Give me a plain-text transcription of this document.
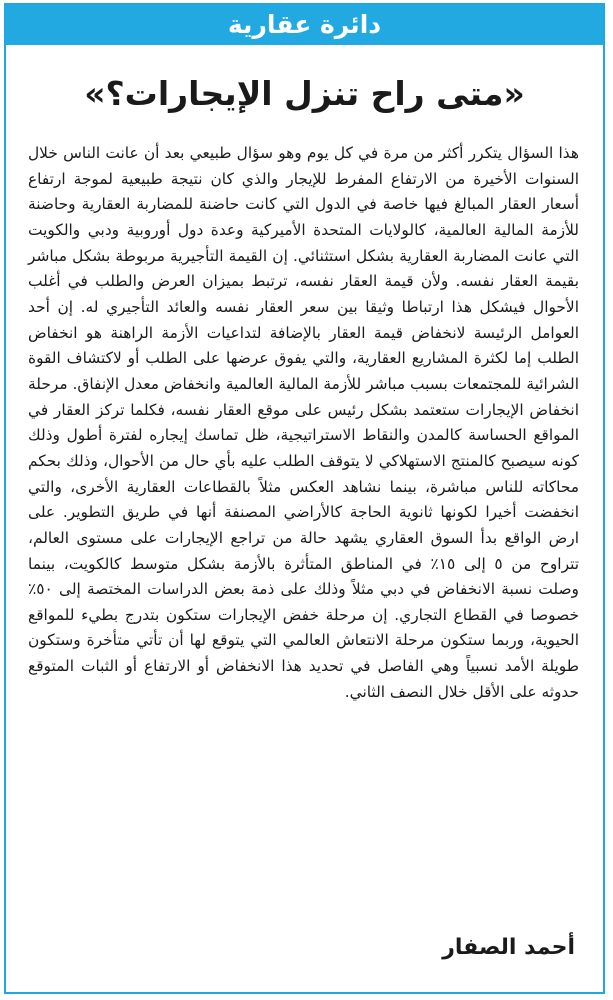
دائرة عقارية
«متى راح تنزل الإيجارات؟»

هذا السؤال يتكرر أكثر من مرة في كل يوم وهو سؤال طبيعي بعد أن عانت الناس خلال السنوات الأخيرة من الارتفاع المفرط للإيجار والذي كان نتيجة طبيعية لموجة ارتفاع أسعار العقار المبالغ فيها خاصة في الدول التي كانت حاضنة للمضاربة العقارية وحاضنة للأزمة المالية العالمية، كالولايات المتحدة الأميركية وعدة دول أوروبية ودبي والكويت التي عانت المضاربة العقارية بشكل استثنائي. إن القيمة التأجيرية مربوطة بشكل مباشر بقيمة العقار نفسه. ولأن قيمة العقار نفسه، ترتبط بميزان العرض والطلب في أغلب الأحوال فيشكل هذا ارتباطا وثيقا بين سعر العقار نفسه والعائد التأجيري له. إن أحد العوامل الرئيسة لانخفاض قيمة العقار بالإضافة لتداعيات الأزمة الراهنة هو انخفاض الطلب إما لكثرة المشاريع العقارية، والتي يفوق عرضها على الطلب أو لاكتشاف القوة الشرائية للمجتمعات بسبب مباشر للأزمة المالية العالمية وانخفاض معدل الإنفاق. مرحلة انخفاض الإيجارات ستعتمد بشكل رئيس على موقع العقار نفسه، فكلما تركز العقار في المواقع الحساسة كالمدن والنقاط الاستراتيجية، ظل تماسك إيجاره لفترة أطول وذلك كونه سيصبح كالمنتج الاستهلاكي لا يتوقف الطلب عليه بأي حال من الأحوال، وذلك بحكم محاكاته للناس مباشرة، بينما نشاهد العكس مثلاً بالقطاعات العقارية الأخرى، والتي انخفضت أخيرا لكونها ثانوية الحاجة كالأراضي المصنفة أنها في طريق التطوير. على ارض الواقع بدأ السوق العقاري يشهد حالة من تراجع الإيجارات على مستوى العالم، تتراوح من ٥ إلى ١٥٪ في المناطق المتأثرة بالأزمة بشكل متوسط كالكويت، بينما وصلت نسبة الانخفاض في دبي مثلاً وذلك على ذمة بعض الدراسات المختصة إلى ٥٠٪ خصوصا في القطاع التجاري. إن مرحلة خفض الإيجارات ستكون بتدرج بطيء للمواقع الحيوية، وربما ستكون مرحلة الانتعاش العالمي التي يتوقع لها أن تأتي متأخرة وستكون طويلة الأمد نسبياً وهي الفاصل في تحديد هذا الانخفاض أو الارتفاع أو الثبات المتوقع حدوثه على الأقل خلال النصف الثاني.

أحمد الصفار
